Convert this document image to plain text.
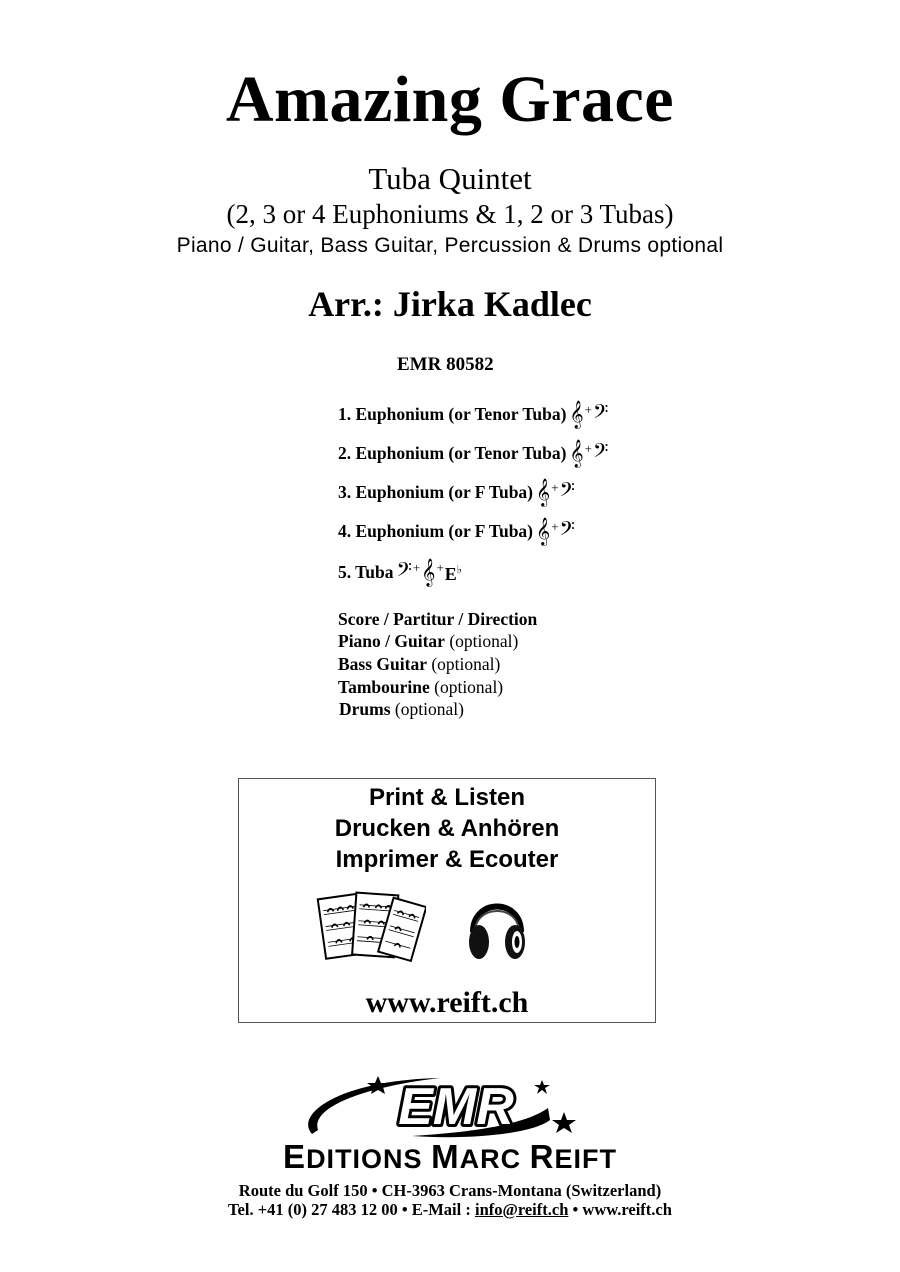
Amazing Grace
Tuba Quintet
(2, 3 or 4 Euphoniums & 1, 2 or 3 Tubas)
Piano / Guitar, Bass Guitar, Percussion & Drums optional
Arr.: Jirka Kadlec
EMR 80582
1. Euphonium (or Tenor Tuba) 𝄞 + 𝄢
2. Euphonium (or Tenor Tuba) 𝄞 + 𝄢
3. Euphonium (or F Tuba) 𝄞 + 𝄢
4. Euphonium (or F Tuba) 𝄞 + 𝄢
5. Tuba 𝄢 + 𝄞 + E♭
Score / Partitur / Direction
Piano / Guitar (optional)
Bass Guitar (optional)
Tambourine (optional)
Drums (optional)
Print & Listen
Drucken & Anhören
Imprimer & Ecouter
www.reift.ch
EMR
EDITIONS MARC REIFT
Route du Golf 150 • CH-3963 Crans-Montana (Switzerland)
Tel. +41 (0) 27 483 12 00 • E-Mail : info@reift.ch • www.reift.ch
